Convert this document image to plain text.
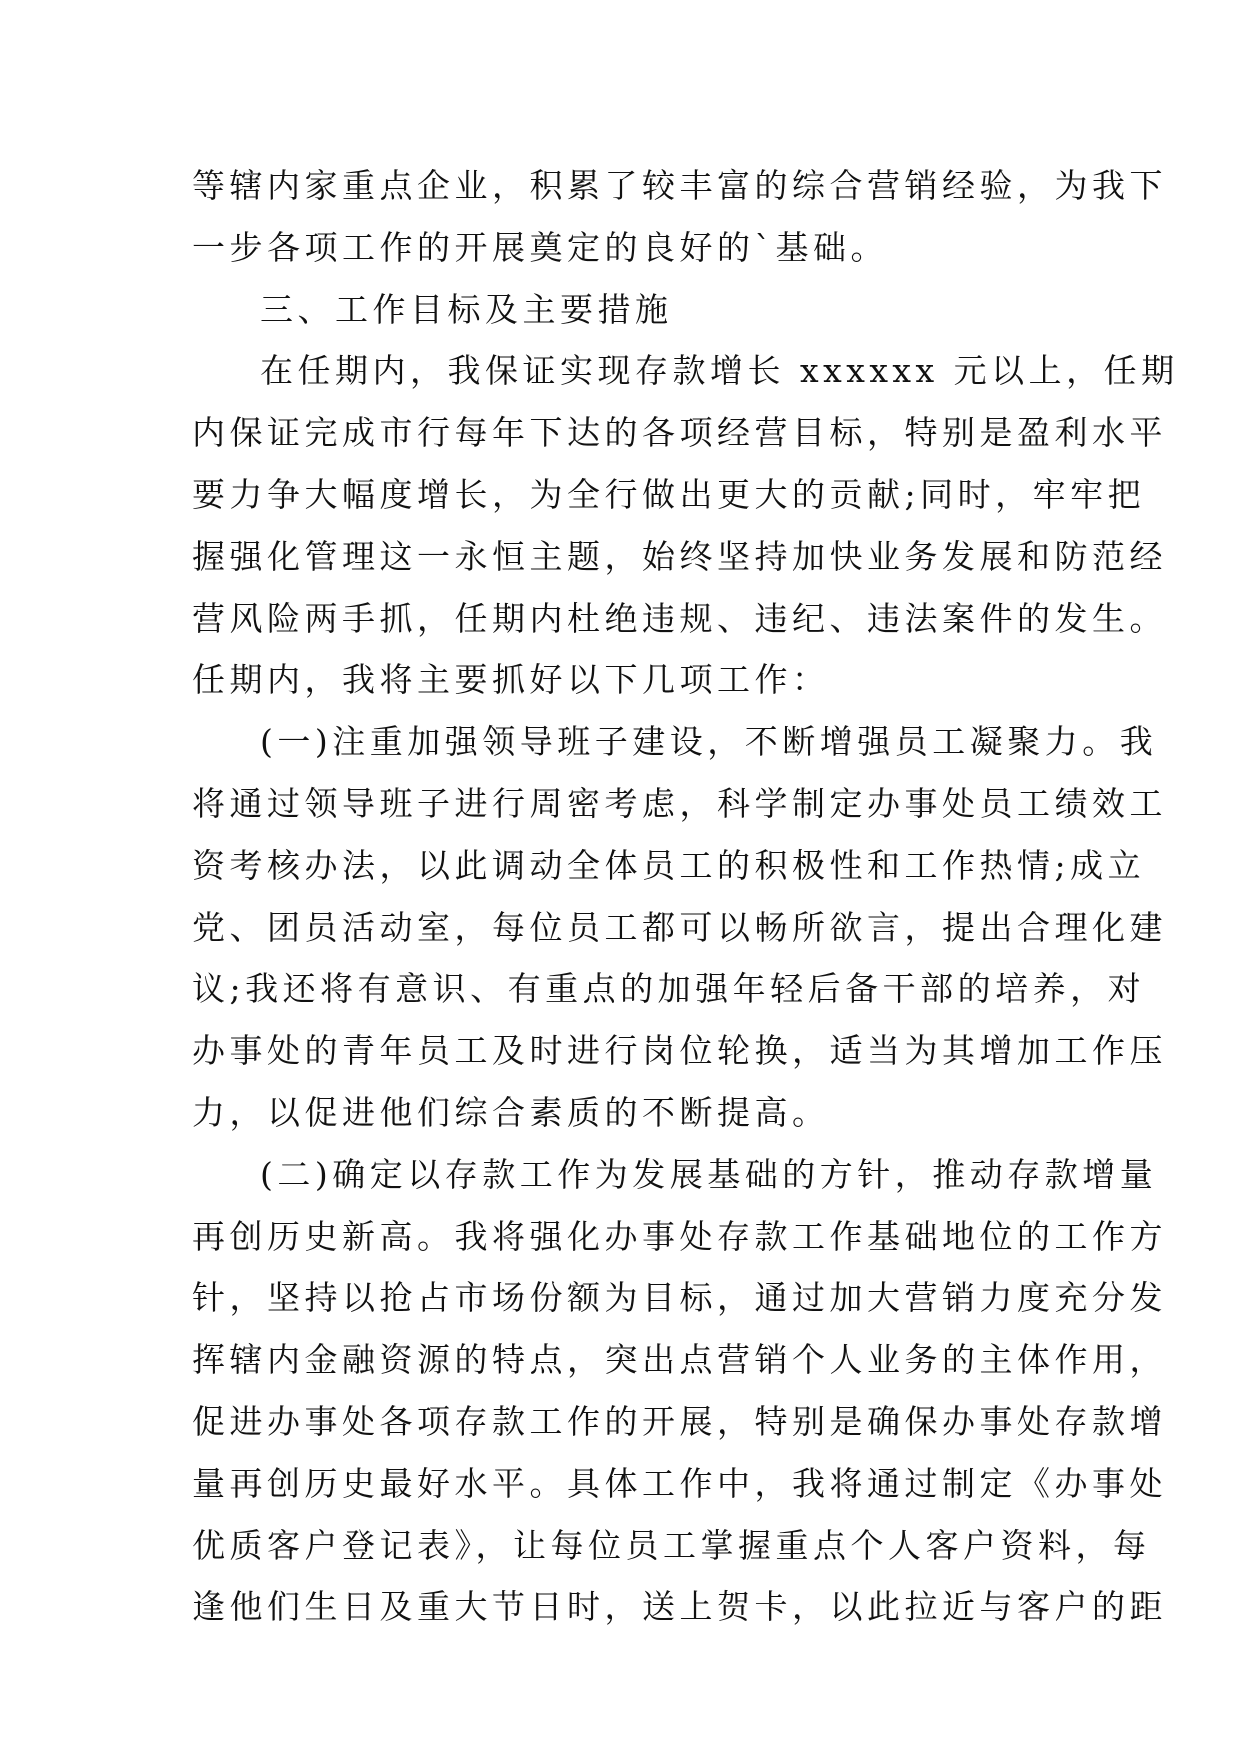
等辖内家重点企业，积累了较丰富的综合营销经验，为我下
一步各项工作的开展奠定的良好的`基础。
三、工作目标及主要措施
在任期内，我保证实现存款增长 xxxxxx 元以上，任期
内保证完成市行每年下达的各项经营目标，特别是盈利水平
要力争大幅度增长，为全行做出更大的贡献;同时，牢牢把
握强化管理这一永恒主题，始终坚持加快业务发展和防范经
营风险两手抓，任期内杜绝违规、违纪、违法案件的发生。
任期内，我将主要抓好以下几项工作：
(一)注重加强领导班子建设，不断增强员工凝聚力。我
将通过领导班子进行周密考虑，科学制定办事处员工绩效工
资考核办法，以此调动全体员工的积极性和工作热情;成立
党、团员活动室，每位员工都可以畅所欲言，提出合理化建
议;我还将有意识、有重点的加强年轻后备干部的培养，对
办事处的青年员工及时进行岗位轮换，适当为其增加工作压
力，以促进他们综合素质的不断提高。
(二)确定以存款工作为发展基础的方针，推动存款增量
再创历史新高。我将强化办事处存款工作基础地位的工作方
针，坚持以抢占市场份额为目标，通过加大营销力度充分发
挥辖内金融资源的特点，突出点营销个人业务的主体作用，
促进办事处各项存款工作的开展，特别是确保办事处存款增
量再创历史最好水平。具体工作中，我将通过制定《办事处
优质客户登记表》，让每位员工掌握重点个人客户资料，每
逢他们生日及重大节日时，送上贺卡，以此拉近与客户的距
